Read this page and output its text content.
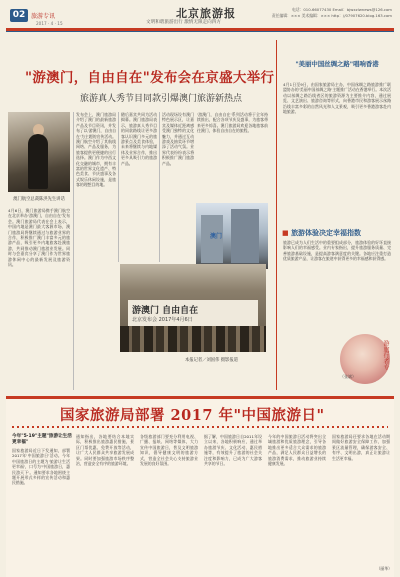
02 旅游专讯
2017 · 4 · 15
北京旅游报
文明和谐旅游出行 激情无限走向四方
电话：010-66077430 Email：bjwxzlwnews@126.com
责任编辑：××× 美术编辑：××× http：//07907620.blog.163.com
"游澳门，自由自在"发布会在京盛大举行
旅游真人秀节目同款引爆澳门旅游新热点
澳门航空总裁陈洪先生讲话
4月6日，澳门旅游局携手澳门航空在北京举办'游澳门，自由自在'发布会。澳门旅游局代表在会上表示，中国内地是澳门最大客源市场，澳门旅游局将继续通过与旅游业界的合作，积极推广澳门丰富多元的旅游产品，吸引更多内地旅客赴澳旅游，共同推动澳门旅游业发展。同时与会嘉宾分享了澳门作为世界旅游休闲中心的最新发展及旅游资讯。
发布会上，澳门旅游局介绍了澳门的最新旅游产品及节目资讯，并发布了以'游澳门，自由自在'为主题的宣传活动。澳门航空介绍了其航线网络、产品及服务，为旅客提供更便捷的出行选择。澳门作为中西文化交融的城市，拥有丰富的世界文化遗产、特色美食、节庆盛事及各式娱乐休闲设施，是旅客的理想目的地。
随后嘉宾共同为活动揭幕。澳门旅游局表示，旅游真人秀节目的同款路线让更多游客认识澳门多元的旅游景点及美食体验，未来将继续与内地媒体及业界合作，推出更多具吸引力的旅游产品。
活动现场设有澳门特色展示区，让嘉宾及媒体近距离感受澳门独特的文化魅力，并通过互动游戏及抽奖环节增添了活动气氛。业界代表纷纷表示将积极推广澳门旅游产品。
'游澳门，自由自在'系列活动将于全年持续推出，配合各项节庆及盛事，为旅客带来更多惊喜。澳门旅游局欢迎各地旅客前往澳门，体验自由自在的旅程。
澳门
游澳门 自由自在
北京发布会 2017年4月6日
本报记者／刘国伟 摄影报道
"美丽中国丝绸之路"唱响香港
4月1日至9日，由国家旅游局主办，中国丝绸之路旅游推广联盟协办的'美丽中国丝绸之路'主题推广活动在香港举行。本次活动以丝绸之路沿线省区的旅游资源为主要推介内容，通过展览、文艺演出、旅游咨询等形式，向香港市民和游客展示丝路沿线丰富多彩的自然风光和人文景观，吸引更多香港游客赴内地旅游。
■ 旅游体验决定幸福指数
旅游已成为人们生活中的重要组成部分，旅游体验的好坏直接影响人们的幸福感受。业内专家指出，提升旅游服务质量、完善旅游基础设施，是提高游客满意度的关键。各地应注重打造优质旅游产品，让游客在旅途中获得更多的幸福感和获得感。
游旅行者专
（张斌）
国家旅游局部署 2017 年"中国旅游日"
今年"5·19"主题"旅游让生活更幸福"
国家旅游局近日下发通知，部署2017年'中国旅游日'活动。今年中国旅游日的主题为'旅游让生活更幸福'，口号为'中国旅游日，惠民游天下'。通知要求各地围绕主题开展形式多样的宣传活动和惠民措施。
通知指出，各地要结合本地实际，积极推出旅游惠民措施，景区门票优惠、免费开放等活动，让广大人民群众共享旅游发展成果。同时要加强旅游市场秩序整治，营造安全有序的旅游环境。
各级旅游部门要充分利用电视、广播、报纸、网络等媒体，大力宣传中国旅游日，普及文明旅游知识，倡导健康文明的旅游方式，营造全社会关心支持旅游业发展的良好氛围。
据了解，中国旅游日自2011年设立以来，各地积极响应，通过举办旅游节庆、文化活动、惠民措施等，有效提升了旅游的社会关注度和影响力，已成为广大游客共享的节日。
今年的中国旅游日活动将突出全域旅游和优质旅游理念，引导各地推出更多适合大众需求的旅游产品，满足人民群众日益增长的旅游消费需求，推动旅游业持续健康发展。
国家旅游局还要求各地在活动期间做好旅游安全保障工作，加强景区流量管理，确保游客安全、有序、文明出游，真正让旅游让生活更幸福。
（丽华）
